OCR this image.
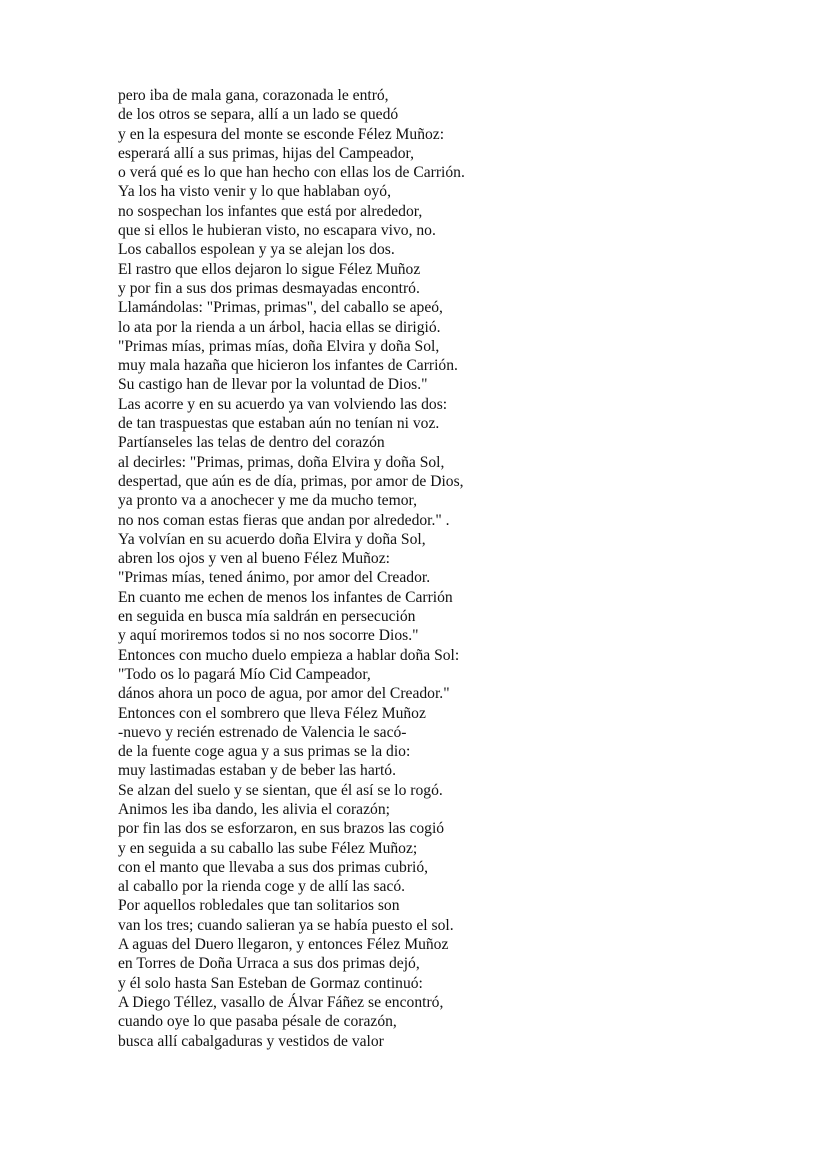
pero iba de mala gana, corazonada le entró,
de los otros se separa, allí a un lado se quedó
y en la espesura del monte se esconde Félez Muñoz:
esperará allí a sus primas, hijas del Campeador,
o verá qué es lo que han hecho con ellas los de Carrión.
Ya los ha visto venir y lo que hablaban oyó,
no sospechan los infantes que está por alrededor,
que si ellos le hubieran visto, no escapara vivo, no.
Los caballos espolean y ya se alejan los dos.
El rastro que ellos dejaron lo sigue Félez Muñoz
y por fin a sus dos primas desmayadas encontró.
Llamándolas: "Primas, primas", del caballo se apeó,
lo ata por la rienda a un árbol, hacia ellas se dirigió.
"Primas mías, primas mías, doña Elvira y doña Sol,
muy mala hazaña que hicieron los infantes de Carrión.
Su castigo han de llevar por la voluntad de Dios."
Las acorre y en su acuerdo ya van volviendo las dos:
de tan traspuestas que estaban aún no tenían ni voz.
Partíanseles las telas de dentro del corazón
al decirles: "Primas, primas, doña Elvira y doña Sol,
despertad, que aún es de día, primas, por amor de Dios,
ya pronto va a anochecer y me da mucho temor,
no nos coman estas fieras que andan por alrededor." .
Ya volvían en su acuerdo doña Elvira y doña Sol,
abren los ojos y ven al bueno Félez Muñoz:
"Primas mías, tened ánimo, por amor del Creador.
En cuanto me echen de menos los infantes de Carrión
en seguida en busca mía saldrán en persecución
y aquí moriremos todos si no nos socorre Dios."
Entonces con mucho duelo empieza a hablar doña Sol:
"Todo os lo pagará Mío Cid Campeador,
dános ahora un poco de agua, por amor del Creador."
Entonces con el sombrero que lleva Félez Muñoz
-nuevo y recién estrenado de Valencia le sacó-
de la fuente coge agua y a sus primas se la dio:
muy lastimadas estaban y de beber las hartó.
Se alzan del suelo y se sientan, que él así se lo rogó.
Animos les iba dando, les alivia el corazón;
por fin las dos se esforzaron, en sus brazos las cogió
y en seguida a su caballo las sube Félez Muñoz;
con el manto que llevaba a sus dos primas cubrió,
al caballo por la rienda coge y de allí las sacó.
Por aquellos robledales que tan solitarios son
van los tres; cuando salieran ya se había puesto el sol.
A aguas del Duero llegaron, y entonces Félez Muñoz
en Torres de Doña Urraca a sus dos primas dejó,
y él solo hasta San Esteban de Gormaz continuó:
A Diego Téllez, vasallo de Álvar Fáñez se encontró,
cuando oye lo que pasaba pésale de corazón,
busca allí cabalgaduras y vestidos de valor
